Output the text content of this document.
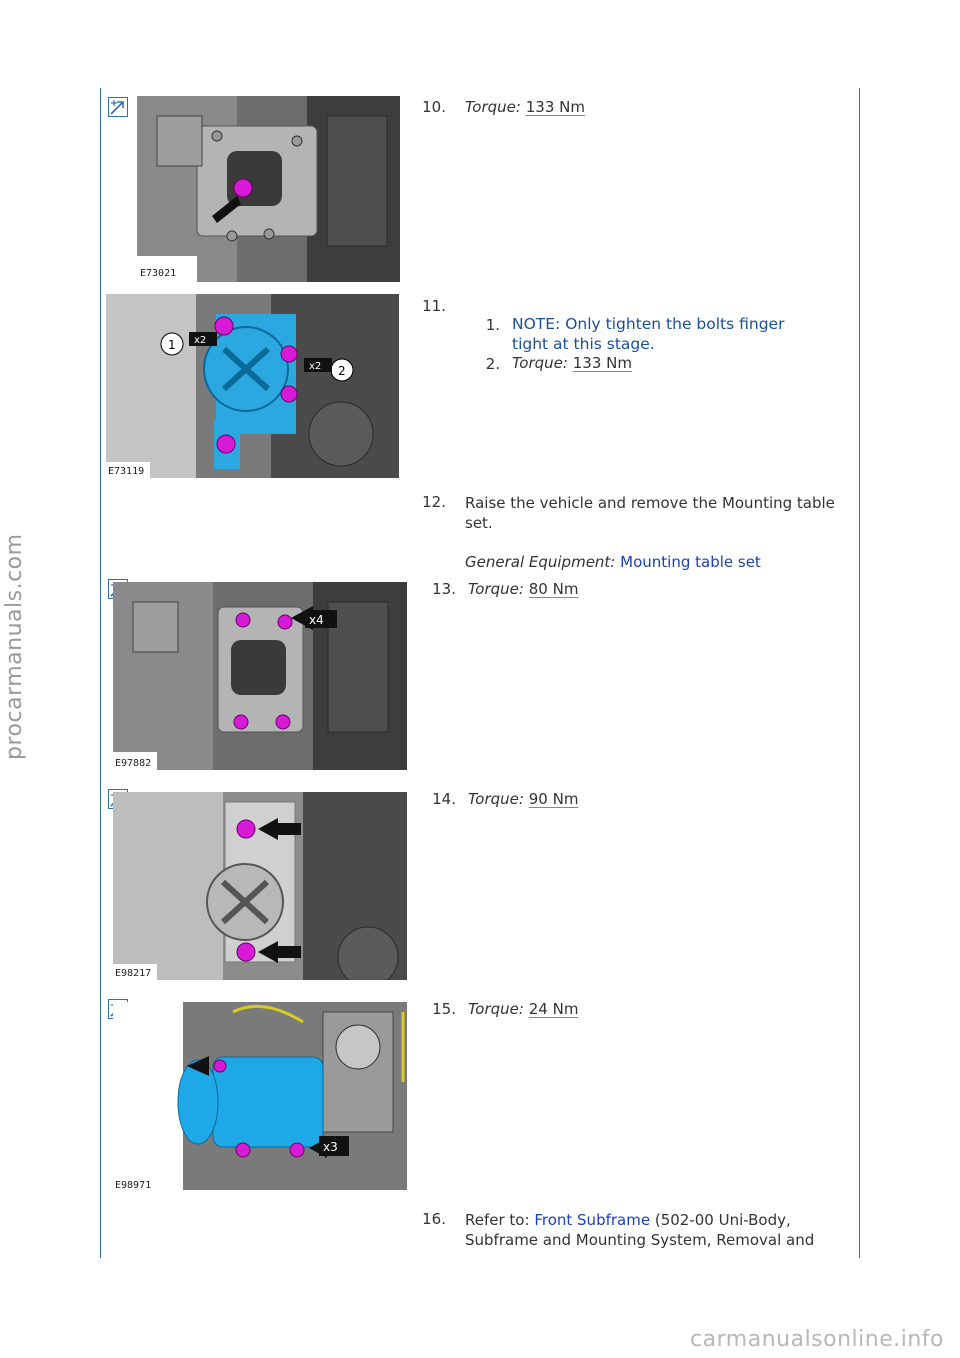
procarmanuals.com
carmanualsonline.info
E73021
10. Torque: 133 Nm
1 x2
2
x2
E73119
11.
1. NOTE: Only tighten the bolts finger
tight at this stage.
2. Torque: 133 Nm
12. Raise the vehicle and remove the Mounting table
set.
General Equipment: Mounting table set
x4
E97882
13. Torque: 80 Nm
E98217
14. Torque: 90 Nm
x3
E98971
15. Torque: 24 Nm
16. Refer to: Front Subframe (502-00 Uni-Body,
Subframe and Mounting System, Removal and
